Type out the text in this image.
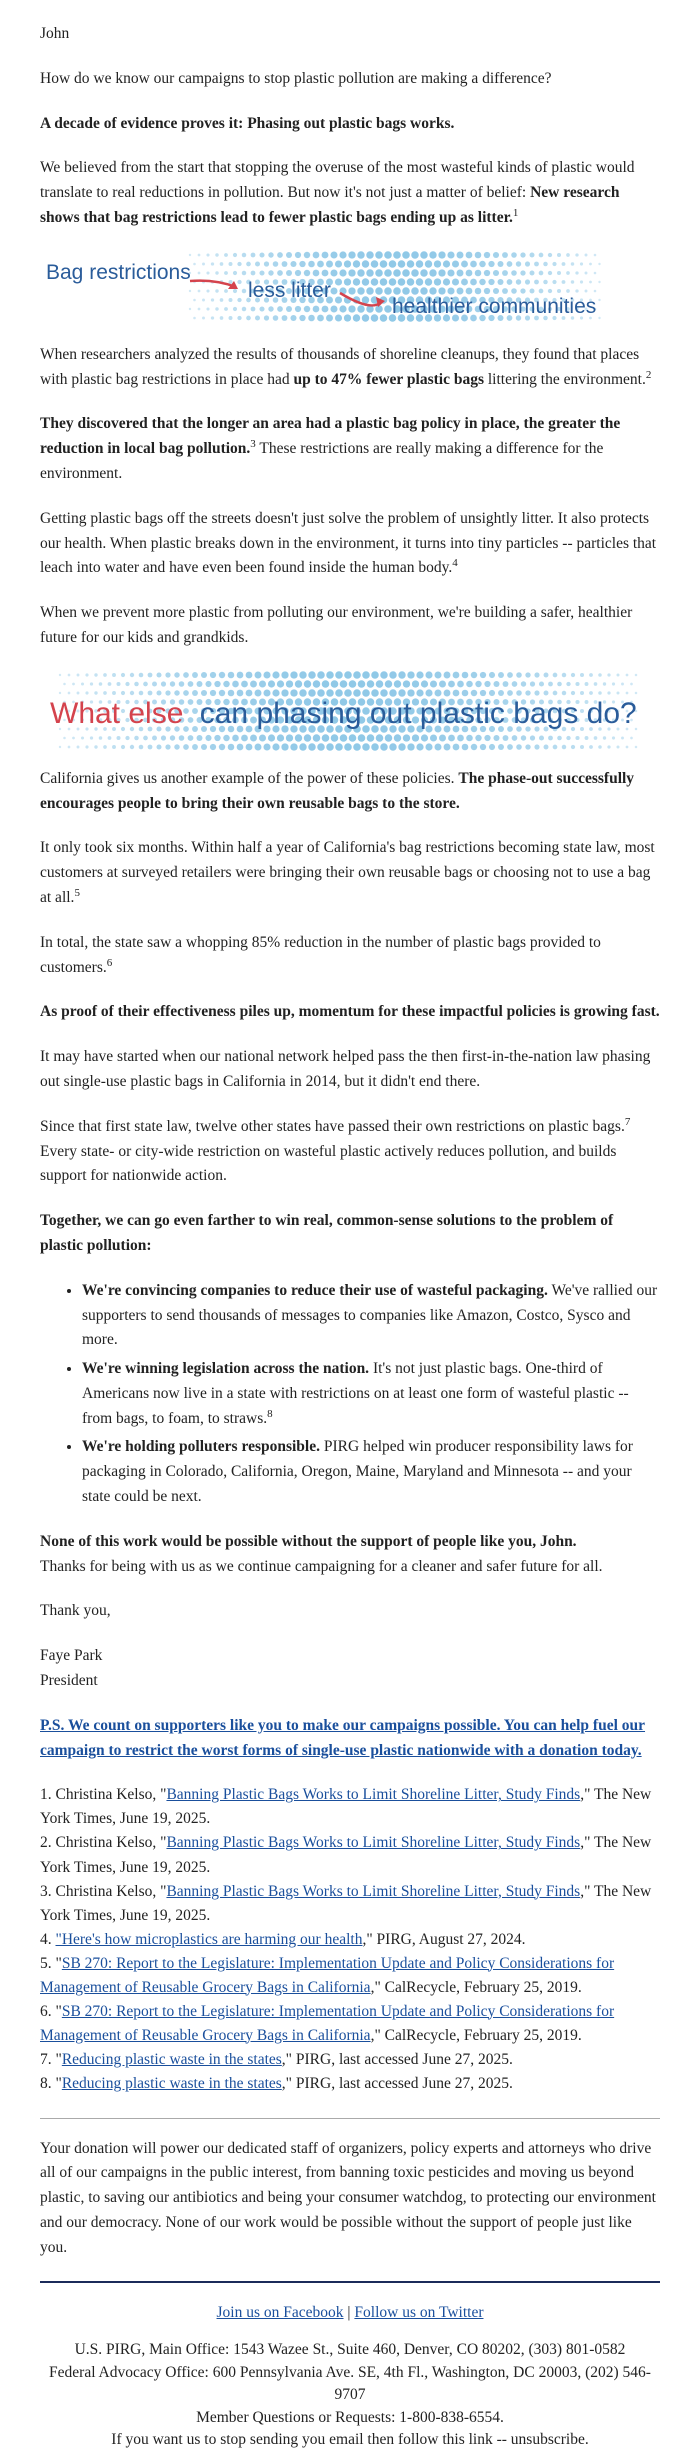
John

How do we know our campaigns to stop plastic pollution are making a difference?

A decade of evidence proves it: Phasing out plastic bags works.

We believed from the start that stopping the overuse of the most wasteful kinds of plastic would translate to real reductions in pollution. But now it's not just a matter of belief: New research shows that bag restrictions lead to fewer plastic bags ending up as litter.$^1$

Bag restrictions
less litter
healthier communities

When researchers analyzed the results of thousands of shoreline cleanups, they found that places with plastic bag restrictions in place had up to 47% fewer plastic bags littering the environment.$^2$

They discovered that the longer an area had a plastic bag policy in place, the greater the reduction in local bag pollution.$^3$ These restrictions are really making a difference for the environment.

Getting plastic bags off the streets doesn't just solve the problem of unsightly litter. It also protects our health. When plastic breaks down in the environment, it turns into tiny particles -- particles that leach into water and have even been found inside the human body.$^4$

When we prevent more plastic from polluting our environment, we're building a safer, healthier future for our kids and grandkids.

What else can phasing out plastic bags do?

California gives us another example of the power of these policies. The phase-out successfully encourages people to bring their own reusable bags to the store.

It only took six months. Within half a year of California's bag restrictions becoming state law, most customers at surveyed retailers were bringing their own reusable bags or choosing not to use a bag at all.$^5$

In total, the state saw a whopping 85% reduction in the number of plastic bags provided to customers.$^6$

As proof of their effectiveness piles up, momentum for these impactful policies is growing fast.

It may have started when our national network helped pass the then first-in-the-nation law phasing out single-use plastic bags in California in 2014, but it didn't end there.

Since that first state law, twelve other states have passed their own restrictions on plastic bags.$^7$ Every state- or city-wide restriction on wasteful plastic actively reduces pollution, and builds support for nationwide action.

Together, we can go even farther to win real, common-sense solutions to the problem of plastic pollution:

• We're convincing companies to reduce their use of wasteful packaging. We've rallied our supporters to send thousands of messages to companies like Amazon, Costco, Sysco and more.
• We're winning legislation across the nation. It's not just plastic bags. One-third of Americans now live in a state with restrictions on at least one form of wasteful plastic -- from bags, to foam, to straws.$^8$
• We're holding polluters responsible. PIRG helped win producer responsibility laws for packaging in Colorado, California, Oregon, Maine, Maryland and Minnesota -- and your state could be next.

None of this work would be possible without the support of people like you, John.
Thanks for being with us as we continue campaigning for a cleaner and safer future for all.

Thank you,

Faye Park
President

P.S. We count on supporters like you to make our campaigns possible. You can help fuel our campaign to restrict the worst forms of single-use plastic nationwide with a donation today.

1. Christina Kelso, "Banning Plastic Bags Works to Limit Shoreline Litter, Study Finds," The New York Times, June 19, 2025.
2. Christina Kelso, "Banning Plastic Bags Works to Limit Shoreline Litter, Study Finds," The New York Times, June 19, 2025.
3. Christina Kelso, "Banning Plastic Bags Works to Limit Shoreline Litter, Study Finds," The New York Times, June 19, 2025.
4. "Here's how microplastics are harming our health," PIRG, August 27, 2024.
5. "SB 270: Report to the Legislature: Implementation Update and Policy Considerations for Management of Reusable Grocery Bags in California," CalRecycle, February 25, 2019.
6. "SB 270: Report to the Legislature: Implementation Update and Policy Considerations for Management of Reusable Grocery Bags in California," CalRecycle, February 25, 2019.
7. "Reducing plastic waste in the states," PIRG, last accessed June 27, 2025.
8. "Reducing plastic waste in the states," PIRG, last accessed June 27, 2025.

Your donation will power our dedicated staff of organizers, policy experts and attorneys who drive all of our campaigns in the public interest, from banning toxic pesticides and moving us beyond plastic, to saving our antibiotics and being your consumer watchdog, to protecting our environment and our democracy. None of our work would be possible without the support of people just like you.

Join us on Facebook | Follow us on Twitter
U.S. PIRG, Main Office: 1543 Wazee St., Suite 460, Denver, CO 80202, (303) 801-0582
Federal Advocacy Office: 600 Pennsylvania Ave. SE, 4th Fl., Washington, DC 20003, (202) 546-9707
Member Questions or Requests: 1-800-838-6554.
If you want us to stop sending you email then follow this link -- unsubscribe.
